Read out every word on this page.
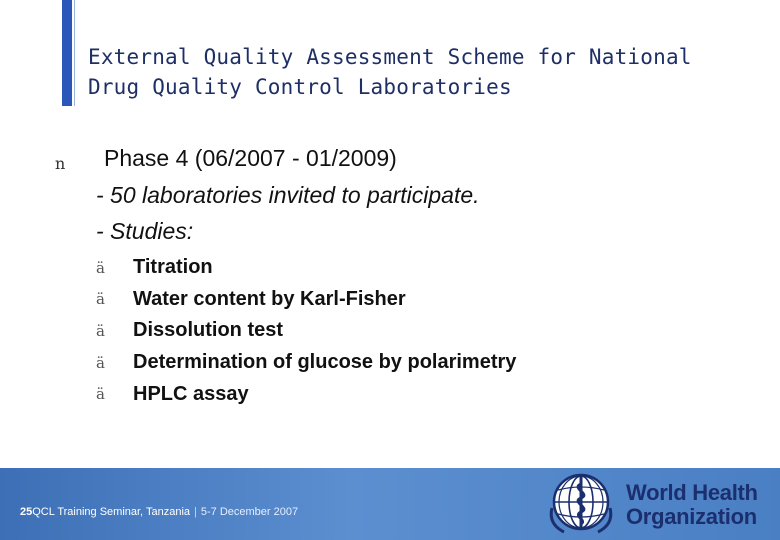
External Quality Assessment Scheme for National
Drug Quality Control Laboratories
n Phase 4 (06/2007 - 01/2009)
- 50 laboratories invited to participate.
- Studies:
ä	Titration
ä	Water content by Karl-Fisher
ä	Dissolution test
ä	Determination of glucose by polarimetry
ä	HPLC assay
25QCL Training Seminar, Tanzania | 5-7 December 2007
World Health
Organization
